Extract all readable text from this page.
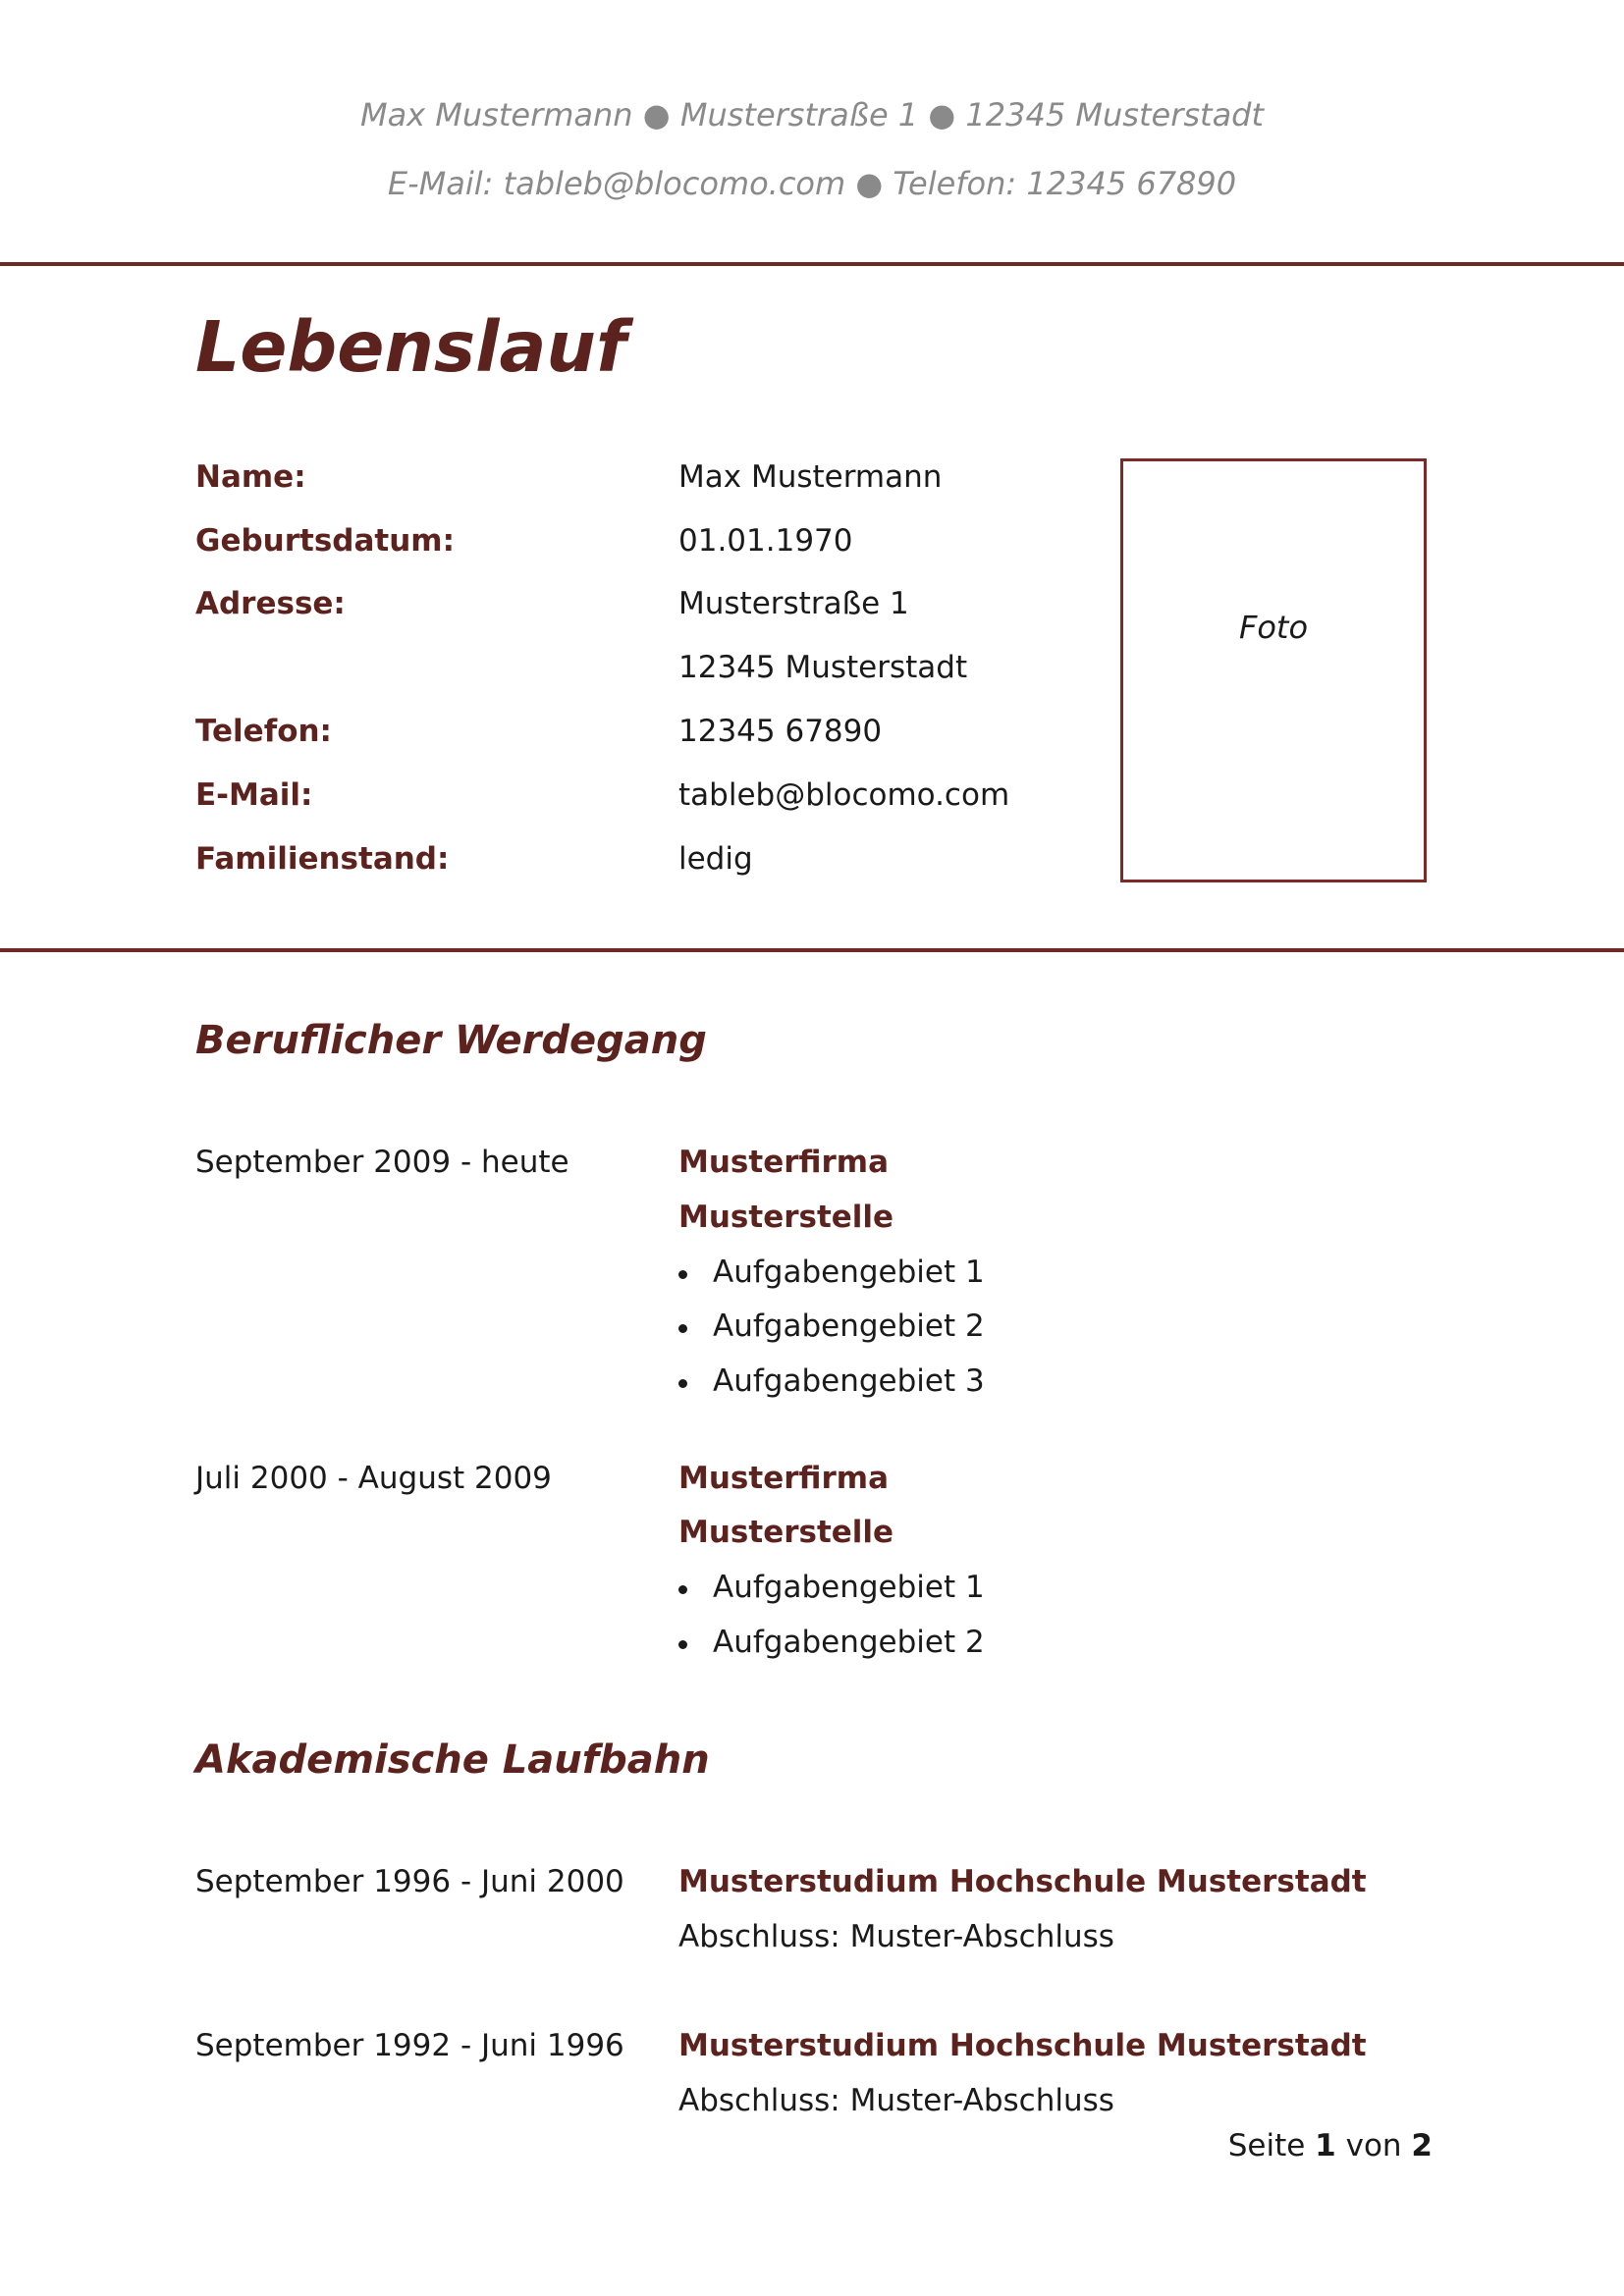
Max Mustermann ● Musterstraße 1 ● 12345 Musterstadt
E-Mail: tableb@blocomo.com ● Telefon: 12345 67890
Lebenslauf
Name:	Max Mustermann
Geburtsdatum:	01.01.1970
Adresse:	Musterstraße 1
12345 Musterstadt
Telefon:	12345 67890
E-Mail:	tableb@blocomo.com
Familienstand:	ledig
Foto
Beruflicher Werdegang
September 2009 - heute	Musterfirma
Musterstelle
Aufgabengebiet 1
Aufgabengebiet 2
Aufgabengebiet 3
Juli 2000 - August 2009	Musterfirma
Musterstelle
Aufgabengebiet 1
Aufgabengebiet 2
Akademische Laufbahn
September 1996 - Juni 2000 Musterstudium Hochschule Musterstadt
Abschluss: Muster-Abschluss
September 1992 - Juni 1996 Musterstudium Hochschule Musterstadt
Abschluss: Muster-Abschluss
Seite 1 von 2
